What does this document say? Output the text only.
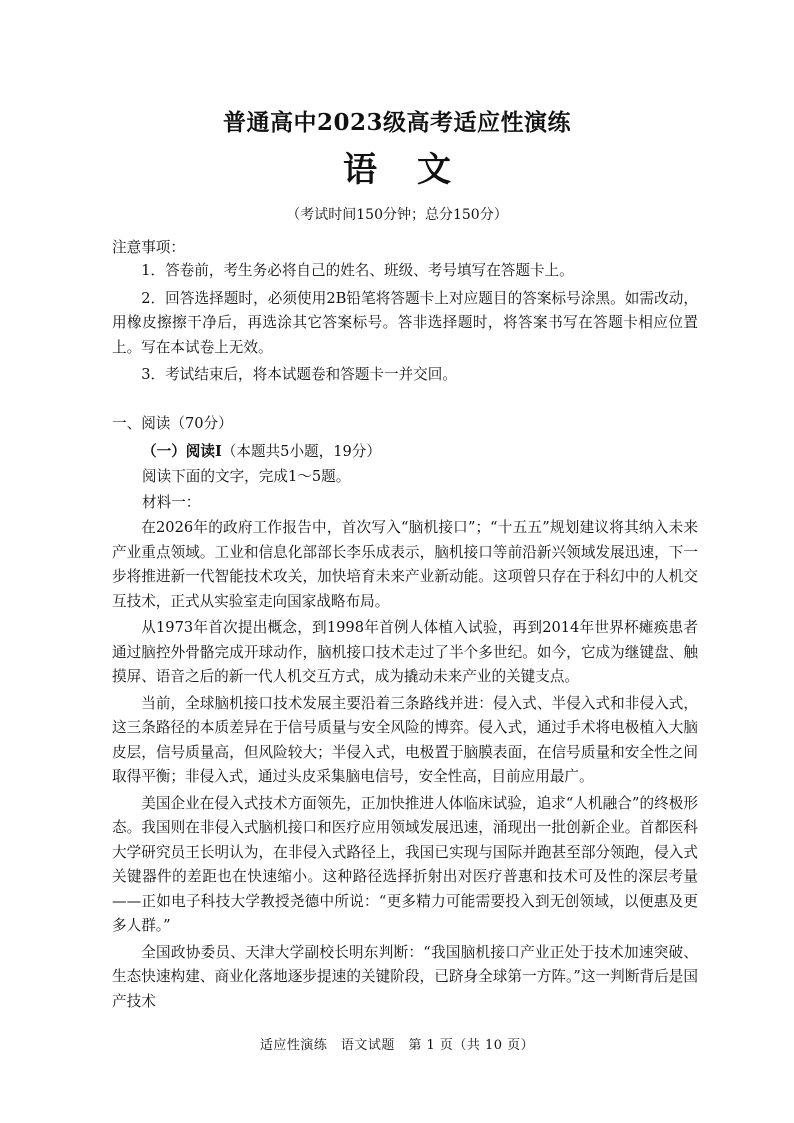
普通高中2023级高考适应性演练
语文
（考试时间150分钟；总分150分）
注意事项：

1．答卷前，考生务必将自己的姓名、班级、考号填写在答题卡上。

2．回答选择题时，必须使用2B铅笔将答题卡上对应题目的答案标号涂黑。如需改动，用橡皮擦擦干净后，再选涂其它答案标号。答非选择题时，将答案书写在答题卡相应位置上。写在本试卷上无效。

3．考试结束后，将本试题卷和答题卡一并交回。

一、阅读（70分）
（一）阅读Ⅰ（本题共5小题，19分）
阅读下面的文字，完成1～5题。
材料一：

在2026年的政府工作报告中，首次写入“脑机接口”；“十五五”规划建议将其纳入未来产业重点领域。工业和信息化部部长李乐成表示，脑机接口等前沿新兴领域发展迅速，下一步将推进新一代智能技术攻关，加快培育未来产业新动能。这项曾只存在于科幻中的人机交互技术，正式从实验室走向国家战略布局。

从1973年首次提出概念，到1998年首例人体植入试验，再到2014年世界杯瘫痪患者通过脑控外骨骼完成开球动作，脑机接口技术走过了半个多世纪。如今，它成为继键盘、触摸屏、语音之后的新一代人机交互方式，成为撬动未来产业的关键支点。

当前，全球脑机接口技术发展主要沿着三条路线并进：侵入式、半侵入式和非侵入式，这三条路径的本质差异在于信号质量与安全风险的博弈。侵入式，通过手术将电极植入大脑皮层，信号质量高，但风险较大；半侵入式，电极置于脑膜表面，在信号质量和安全性之间取得平衡；非侵入式，通过头皮采集脑电信号，安全性高，目前应用最广。

美国企业在侵入式技术方面领先，正加快推进人体临床试验，追求“人机融合”的终极形态。我国则在非侵入式脑机接口和医疗应用领域发展迅速，涌现出一批创新企业。首都医科大学研究员王长明认为，在非侵入式路径上，我国已实现与国际并跑甚至部分领跑，侵入式关键器件的差距也在快速缩小。这种路径选择折射出对医疗普惠和技术可及性的深层考量——正如电子科技大学教授尧德中所说：“更多精力可能需要投入到无创领域，以便惠及更多人群。”

全国政协委员、天津大学副校长明东判断：“我国脑机接口产业正处于技术加速突破、生态快速构建、商业化落地逐步提速的关键阶段，已跻身全球第一方阵。”这一判断背后是国产技术

适应性演练　语文试题　第 1 页（共 10 页）
